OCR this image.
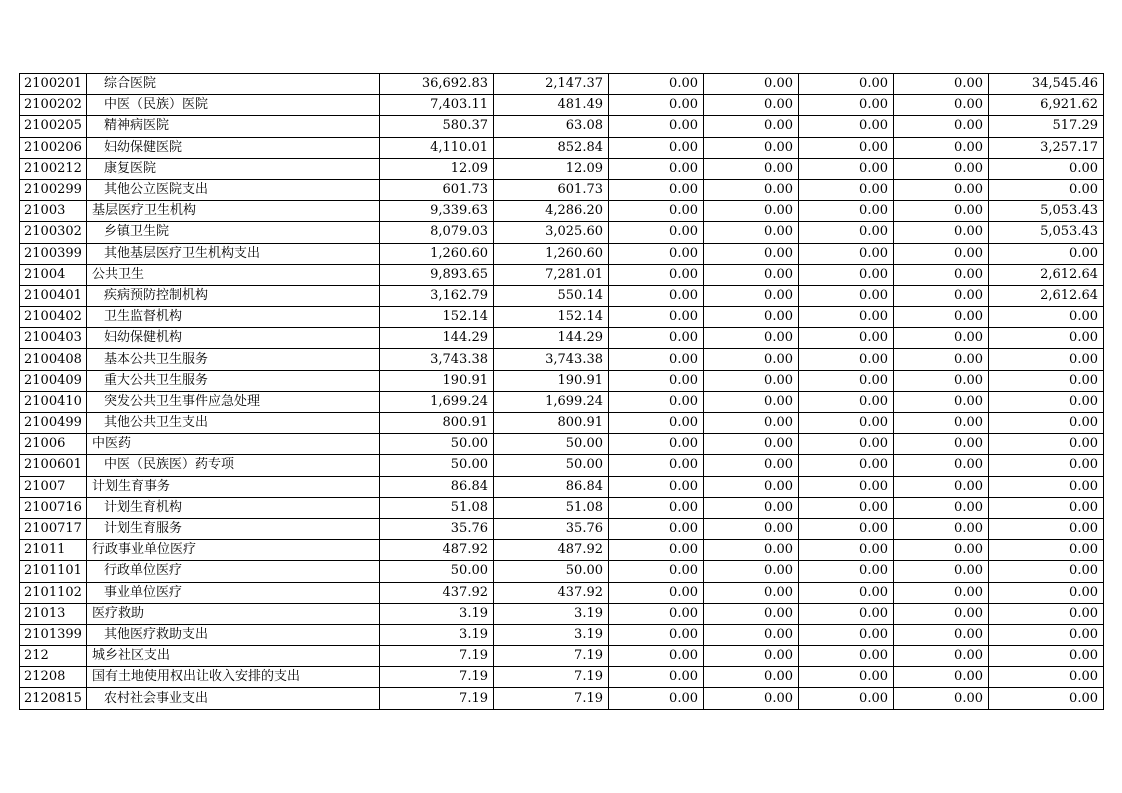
2100201	综合医院	36,692.83	2,147.37	0.00	0.00	0.00	0.00	34,545.46
2100202	中医（民族）医院	7,403.11	481.49	0.00	0.00	0.00	0.00	6,921.62
2100205	精神病医院	580.37	63.08	0.00	0.00	0.00	0.00	517.29
2100206	妇幼保健医院	4,110.01	852.84	0.00	0.00	0.00	0.00	3,257.17
2100212	康复医院	12.09	12.09	0.00	0.00	0.00	0.00	0.00
2100299	其他公立医院支出	601.73	601.73	0.00	0.00	0.00	0.00	0.00
21003	基层医疗卫生机构	9,339.63	4,286.20	0.00	0.00	0.00	0.00	5,053.43
2100302	乡镇卫生院	8,079.03	3,025.60	0.00	0.00	0.00	0.00	5,053.43
2100399	其他基层医疗卫生机构支出	1,260.60	1,260.60	0.00	0.00	0.00	0.00	0.00
21004	公共卫生	9,893.65	7,281.01	0.00	0.00	0.00	0.00	2,612.64
2100401	疾病预防控制机构	3,162.79	550.14	0.00	0.00	0.00	0.00	2,612.64
2100402	卫生监督机构	152.14	152.14	0.00	0.00	0.00	0.00	0.00
2100403	妇幼保健机构	144.29	144.29	0.00	0.00	0.00	0.00	0.00
2100408	基本公共卫生服务	3,743.38	3,743.38	0.00	0.00	0.00	0.00	0.00
2100409	重大公共卫生服务	190.91	190.91	0.00	0.00	0.00	0.00	0.00
2100410	突发公共卫生事件应急处理	1,699.24	1,699.24	0.00	0.00	0.00	0.00	0.00
2100499	其他公共卫生支出	800.91	800.91	0.00	0.00	0.00	0.00	0.00
21006	中医药	50.00	50.00	0.00	0.00	0.00	0.00	0.00
2100601	中医（民族医）药专项	50.00	50.00	0.00	0.00	0.00	0.00	0.00
21007	计划生育事务	86.84	86.84	0.00	0.00	0.00	0.00	0.00
2100716	计划生育机构	51.08	51.08	0.00	0.00	0.00	0.00	0.00
2100717	计划生育服务	35.76	35.76	0.00	0.00	0.00	0.00	0.00
21011	行政事业单位医疗	487.92	487.92	0.00	0.00	0.00	0.00	0.00
2101101	行政单位医疗	50.00	50.00	0.00	0.00	0.00	0.00	0.00
2101102	事业单位医疗	437.92	437.92	0.00	0.00	0.00	0.00	0.00
21013	医疗救助	3.19	3.19	0.00	0.00	0.00	0.00	0.00
2101399	其他医疗救助支出	3.19	3.19	0.00	0.00	0.00	0.00	0.00
212	城乡社区支出	7.19	7.19	0.00	0.00	0.00	0.00	0.00
21208	国有土地使用权出让收入安排的支出	7.19	7.19	0.00	0.00	0.00	0.00	0.00
2120815	农村社会事业支出	7.19	7.19	0.00	0.00	0.00	0.00	0.00
